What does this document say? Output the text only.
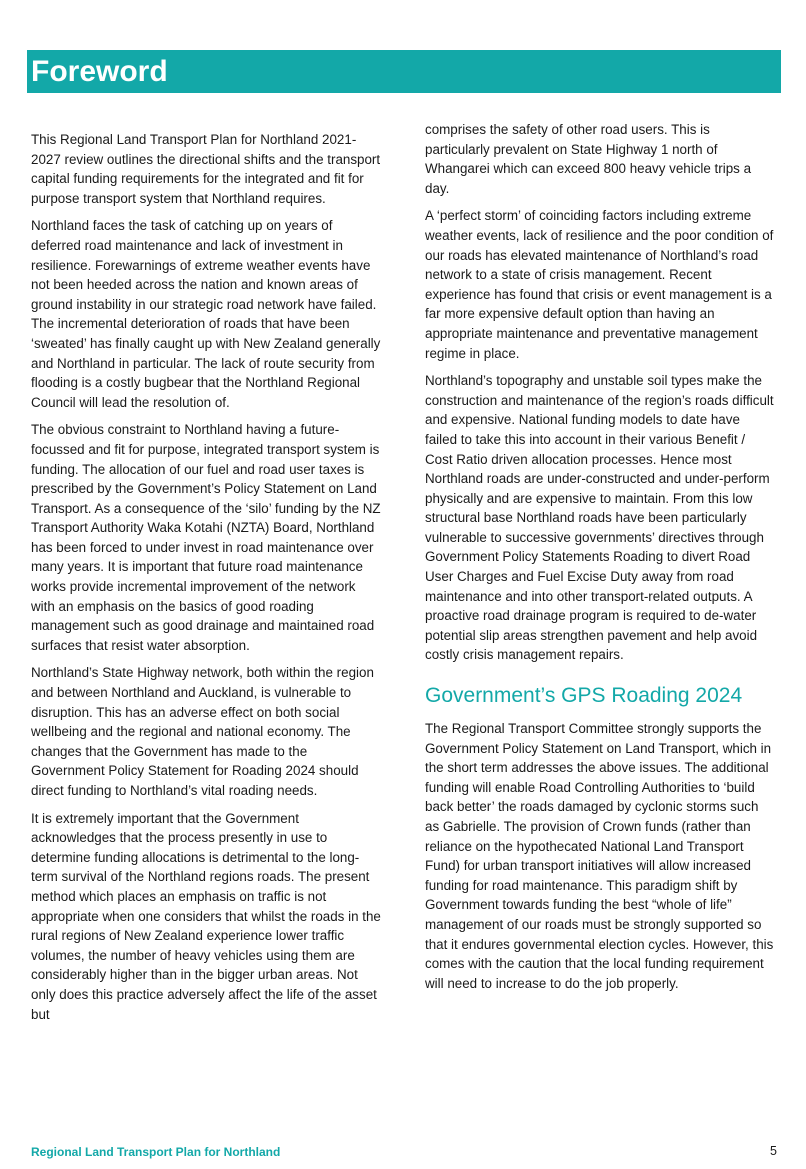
Foreword

This Regional Land Transport Plan for Northland 2021-2027 review outlines the directional shifts and the transport capital funding requirements for the integrated and fit for purpose transport system that Northland requires.

Northland faces the task of catching up on years of deferred road maintenance and lack of investment in resilience. Forewarnings of extreme weather events have not been heeded across the nation and known areas of ground instability in our strategic road network have failed. The incremental deterioration of roads that have been ‘sweated’ has finally caught up with New Zealand generally and Northland in particular. The lack of route security from flooding is a costly bugbear that the Northland Regional Council will lead the resolution of.

The obvious constraint to Northland having a future-focussed and fit for purpose, integrated transport system is funding. The allocation of our fuel and road user taxes is prescribed by the Government’s Policy Statement on Land Transport. As a consequence of the ‘silo’ funding by the NZ Transport Authority Waka Kotahi (NZTA) Board, Northland has been forced to under invest in road maintenance over many years. It is important that future road maintenance works provide incremental improvement of the network with an emphasis on the basics of good roading management such as good drainage and maintained road surfaces that resist water absorption.

Northland’s State Highway network, both within the region and between Northland and Auckland, is vulnerable to disruption. This has an adverse effect on both social wellbeing and the regional and national economy. The changes that the Government has made to the Government Policy Statement for Roading 2024 should direct funding to Northland’s vital roading needs.

It is extremely important that the Government acknowledges that the process presently in use to determine funding allocations is detrimental to the long-term survival of the Northland regions roads. The present method which places an emphasis on traffic is not appropriate when one considers that whilst the roads in the rural regions of New Zealand experience lower traffic volumes, the number of heavy vehicles using them are considerably higher than in the bigger urban areas. Not only does this practice adversely affect the life of the asset but

comprises the safety of other road users. This is particularly prevalent on State Highway 1 north of Whangarei which can exceed 800 heavy vehicle trips a day.

A ‘perfect storm’ of coinciding factors including extreme weather events, lack of resilience and the poor condition of our roads has elevated maintenance of Northland’s road network to a state of crisis management. Recent experience has found that crisis or event management is a far more expensive default option than having an appropriate maintenance and preventative management regime in place.

Northland’s topography and unstable soil types make the construction and maintenance of the region’s roads difficult and expensive. National funding models to date have failed to take this into account in their various Benefit / Cost Ratio driven allocation processes. Hence most Northland roads are under-constructed and under-perform physically and are expensive to maintain. From this low structural base Northland roads have been particularly vulnerable to successive governments’ directives through Government Policy Statements Roading to divert Road User Charges and Fuel Excise Duty away from road maintenance and into other transport-related outputs. A proactive road drainage program is required to de-water potential slip areas strengthen pavement and help avoid costly crisis management repairs.

Government’s GPS Roading 2024

The Regional Transport Committee strongly supports the Government Policy Statement on Land Transport, which in the short term addresses the above issues. The additional funding will enable Road Controlling Authorities to ‘build back better’ the roads damaged by cyclonic storms such as Gabrielle. The provision of Crown funds (rather than reliance on the hypothecated National Land Transport Fund) for urban transport initiatives will allow increased funding for road maintenance. This paradigm shift by Government towards funding the best “whole of life” management of our roads must be strongly supported so that it endures governmental election cycles. However, this comes with the caution that the local funding requirement will need to increase to do the job properly.

Regional Land Transport Plan for Northland	5
